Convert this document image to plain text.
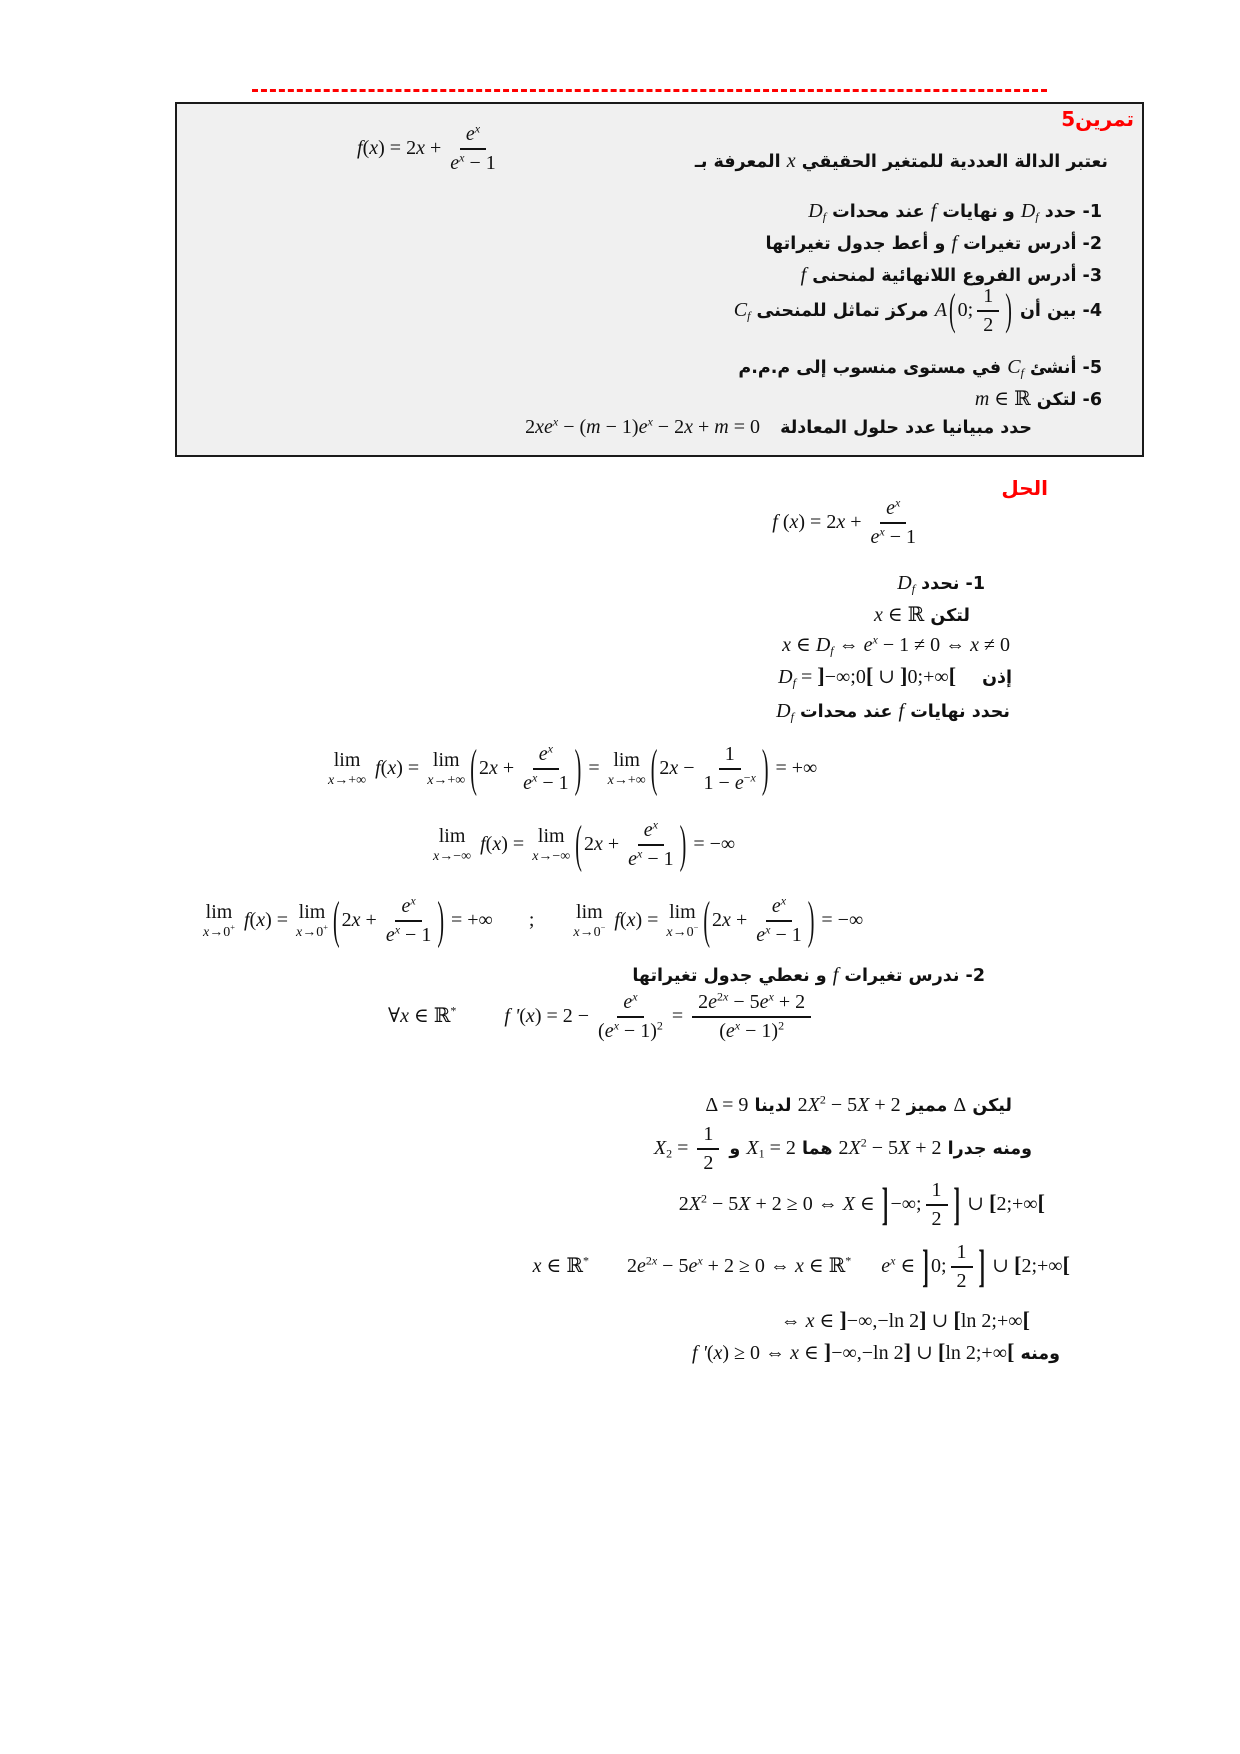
تمرين5
$f(x) = 2x + \frac{e^x}{e^x - 1}$	نعتبر الدالة العددية للمتغير الحقيقي x المعرفة بـ
1- حدد $D_f$ و نهايات f عند محدات $D_f$
2- أدرس تغيرات f و أعط جدول تغيراتها
3- أدرس الفروع اللانهائية لمنحنى f
4- بين أن A ( 0; $\frac{1}{2}$ ) مركز تماثل للمنحنى $C_f$
5- أنشئ $C_f$ في مستوى منسوب إلى م.م.م
6- لتكن m ∈ ℝ
حدد مبيانيا عدد حلول المعادلة $2xe^x - (m - 1)e^x - 2x + m = 0$
الحل
f $(x) = 2x + \frac{e^x}{e^x - 1}$
1- نحدد $D_f$
لتكن x ∈ ℝ
x ∈ $D_f$ ⇔ $e^x - 1 \ne 0$ ⇔ x ≠ 0
إذنD$_f$ = ]−∞;0[ ∪ ]0;+∞[
نحدد نهايات f عند محدات $D_f$
lim
x→+∞
f(x) = lim
x→+∞ ( $2x + \frac{e^x}{e^x - 1}$ ) = lim
x→+∞ ( $2x - \frac{1}{1 - e^{-x}}$ ) = +∞
lim
x→−∞
f(x) = lim
x→−∞ ( $2x + \frac{e^x}{e^x - 1}$ ) = −∞
lim
x→0+ f(x) = lim
x→0+ ( $2x + \frac{e^x}{e^x - 1}$ ) = +∞ ; lim
x→0− f(x) = lim
x→0− ( $2x + \frac{e^x}{e^x - 1}$ ) = −∞
2- ندرس تغيرات f و نعطي جدول تغيراتها
∀x ∈ ℝ* f '$(x) = 2 - \frac{e^x}{(e^x - 1)^2} = \frac{2e^{2x} - 5e^x + 2}{(e^x - 1)^2}$
ليكن Δ مميز $2X^2 - 5X + 2$ لدينا Δ = 9
ومنه جدرا $2X^2 - 5X + 2$ هما $X_1 = 2$ و $X_2 = \frac{1}{2}$
$2X^2 - 5X + 2 \ge 0$ ⇔ X ∈ ] −∞; $\frac{1}{2}$ ] ∪ [2;+∞[
x ∈ ℝ* $2e^{2x} - 5e^x + 2 \ge 0$ ⇔ x ∈ ℝ* $e^x$ ∈ ] 0; $\frac{1}{2}$ ] ∪ [2;+∞[
⇔ x ∈ ]−∞,−ln 2] ∪ [ln 2;+∞[
ومنه f '(x) ≥ 0 ⇔ x ∈ ]−∞,−ln 2] ∪ [ln 2;+∞[
